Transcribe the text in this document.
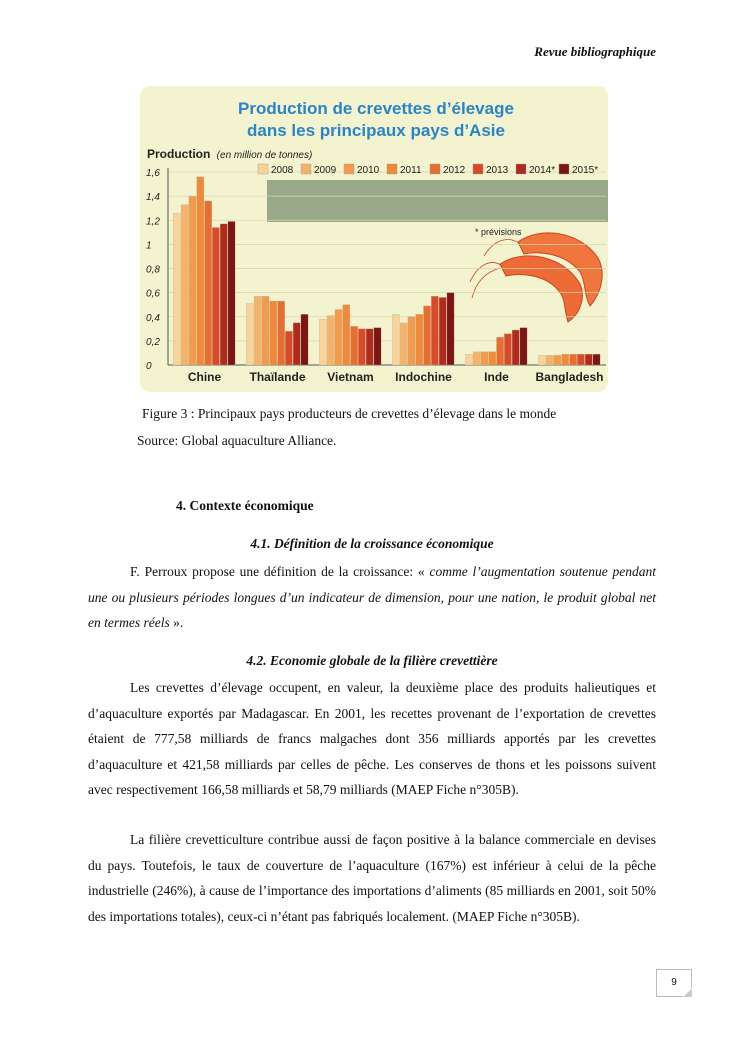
Revue bibliographique
Production de crevettes d’élevage
dans les principaux pays d’Asie
Production (en million de tonnes)
* prévisions
0
0,2
0,4
0,6
0,8
1
1,2
1,4
1,6
Chine Thaïlande Vietnam Indochine	Inde Bangladesh
2008 2009 2010 2011 2012 2013 2014* 2015*
Figure 3 : Principaux pays producteurs de crevettes d’élevage dans le monde
Source: Global aquaculture Alliance.
4. Contexte économique
4.1. Définition de la croissance économique
F. Perroux propose une définition de la croissance: « comme l’augmentation soutenue pendant une ou plusieurs périodes longues d’un indicateur de dimension, pour une nation, le produit global net en termes réels ».
4.2. Economie globale de la filière crevettière
Les crevettes d’élevage occupent, en valeur, la deuxième place des produits halieutiques et d’aquaculture exportés par Madagascar. En 2001, les recettes provenant de l’exportation de crevettes étaient de 777,58 milliards de francs malgaches dont 356 milliards apportés par les crevettes d’aquaculture et 421,58 milliards par celles de pêche. Les conserves de thons et les poissons suivent avec respectivement 166,58 milliards et 58,79 milliards (MAEP Fiche n°305B).
La filière crevetticulture contribue aussi de façon positive à la balance commerciale en devises du pays. Toutefois, le taux de couverture de l’aquaculture (167%) est inférieur à celui de la pêche industrielle (246%), à cause de l’importance des importations d’aliments (85 milliards en 2001, soit 50% des importations totales), ceux-ci n’étant pas fabriqués localement. (MAEP Fiche n°305B).
9
